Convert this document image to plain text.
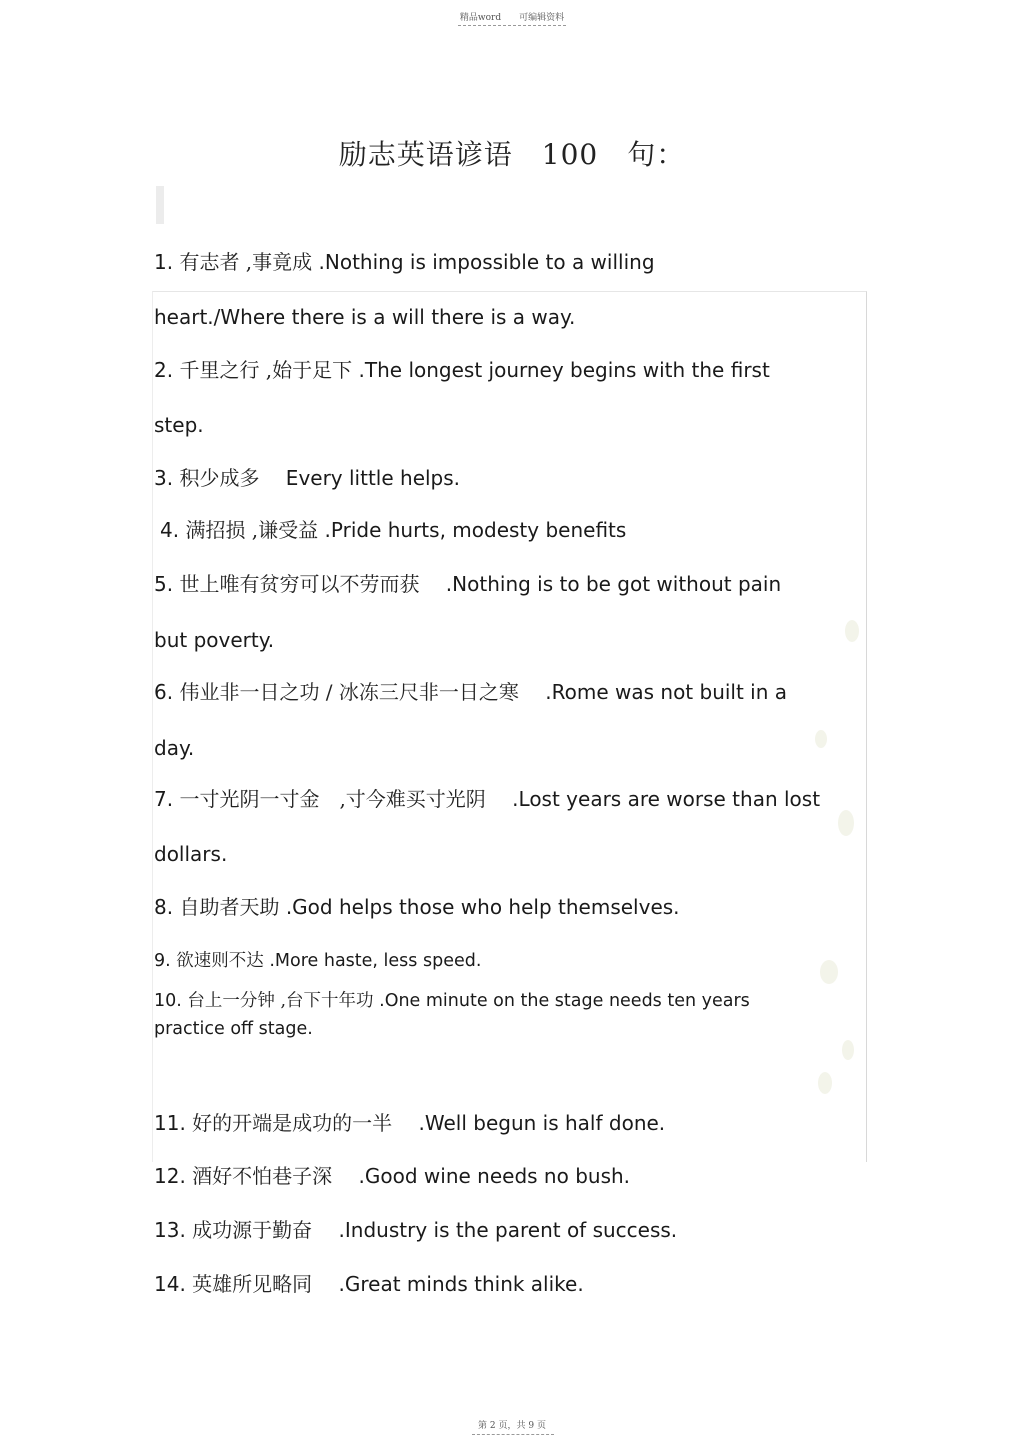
精品word　　可编辑资料
励志英语谚语　100　句：
1. 有志者 ,事竟成 .Nothing is impossible to a willing
heart./Where there is a will there is a way.
2. 千里之行 ,始于足下 .The longest journey begins with the first
step.
3. 积少成多 　Every little helps.
4. 满招损 ,谦受益 .Pride hurts, modesty benefits
5. 世上唯有贫穷可以不劳而获 　.Nothing is to be got without pain
but poverty.
6. 伟业非一日之功 / 冰冻三尺非一日之寒 　.Rome was not built in a
day.
7. 一寸光阴一寸金　,寸今难买寸光阴 　.Lost years are worse than lost
dollars.
8. 自助者天助 .God helps those who help themselves.
9. 欲速则不达 .More haste, less speed.
10. 台上一分钟 ,台下十年功 .One minute on the stage needs ten years
practice off stage.
11. 好的开端是成功的一半 　.Well begun is half done.
12. 酒好不怕巷子深 　.Good wine needs no bush.
13. 成功源于勤奋 　.Industry is the parent of success.
14. 英雄所见略同 　.Great minds think alike.
第 2 页，共 9 页
